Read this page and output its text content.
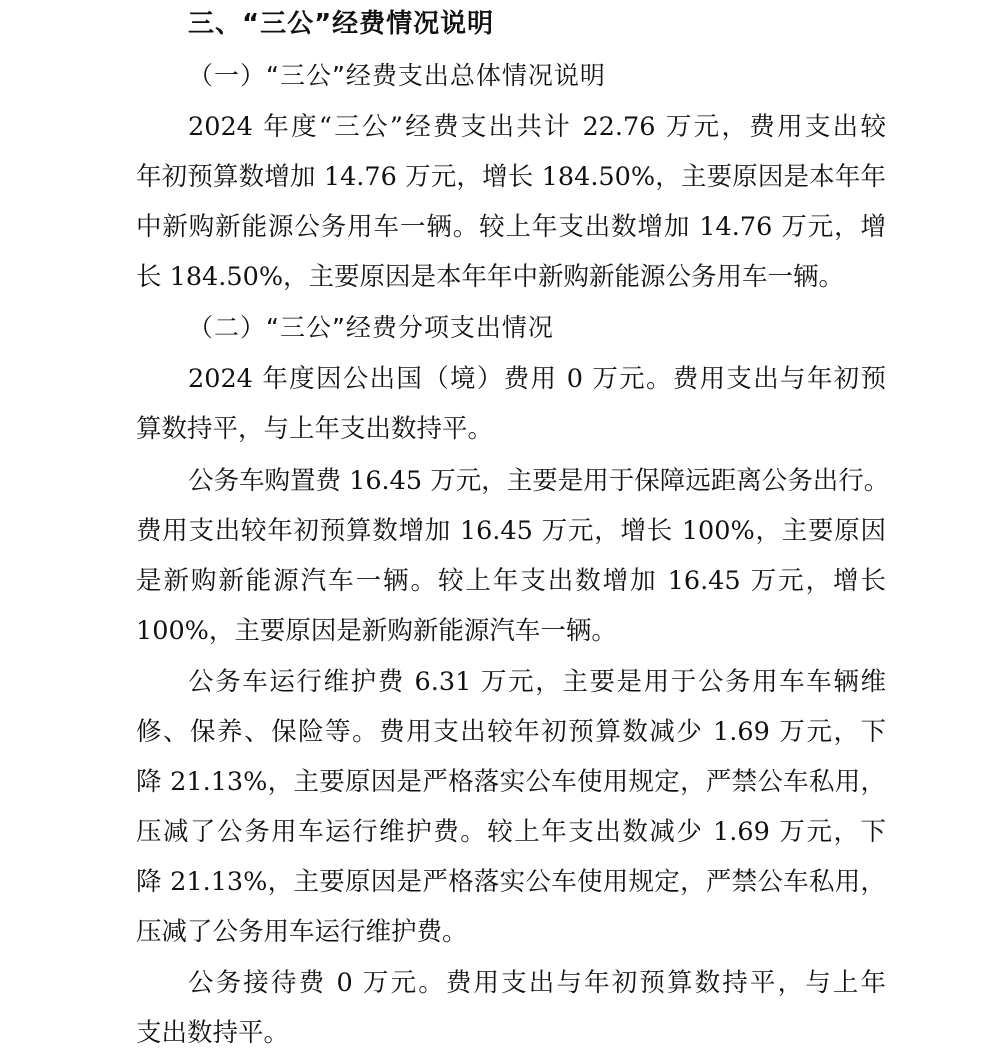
三、“三公”经费情况说明
（一）“三公”经费支出总体情况说明
2024 年度“三公”经费支出共计 22.76 万元，费用支出较
年初预算数增加 14.76 万元，增长 184.50%，主要原因是本年年
中新购新能源公务用车一辆。较上年支出数增加 14.76 万元，增
长 184.50%，主要原因是本年年中新购新能源公务用车一辆。
（二）“三公”经费分项支出情况
2024 年度因公出国（境）费用 0 万元。费用支出与年初预
算数持平，与上年支出数持平。
公务车购置费 16.45 万元，主要是用于保障远距离公务出行。
费用支出较年初预算数增加 16.45 万元，增长 100%，主要原因
是新购新能源汽车一辆。较上年支出数增加 16.45 万元，增长
100%，主要原因是新购新能源汽车一辆。
公务车运行维护费 6.31 万元，主要是用于公务用车车辆维
修、保养、保险等。费用支出较年初预算数减少 1.69 万元，下
降 21.13%，主要原因是严格落实公车使用规定，严禁公车私用，
压减了公务用车运行维护费。较上年支出数减少 1.69 万元，下
降 21.13%，主要原因是严格落实公车使用规定，严禁公车私用，
压减了公务用车运行维护费。
公务接待费 0 万元。费用支出与年初预算数持平，与上年
支出数持平。
